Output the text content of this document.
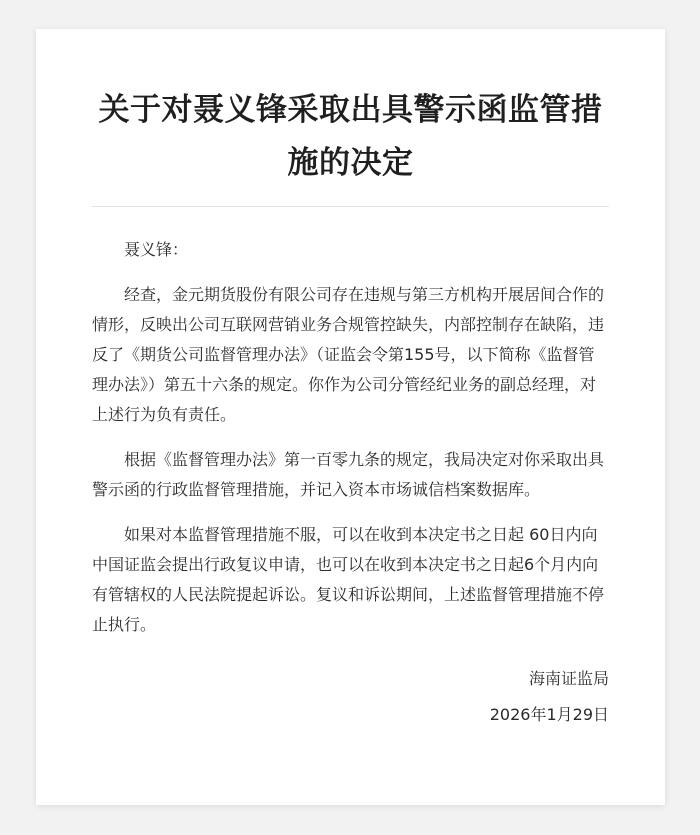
关于对聂义锋采取出具警示函监管措施的决定

聂义锋：

经查，金元期货股份有限公司存在违规与第三方机构开展居间合作的情形，反映出公司互联网营销业务合规管控缺失，内部控制存在缺陷，违反了《期货公司监督管理办法》（证监会令第155号，以下简称《监督管理办法》）第五十六条的规定。你作为公司分管经纪业务的副总经理，对上述行为负有责任。

根据《监督管理办法》第一百零九条的规定，我局决定对你采取出具警示函的行政监督管理措施，并记入资本市场诚信档案数据库。

如果对本监督管理措施不服，可以在收到本决定书之日起 60日内向中国证监会提出行政复议申请，也可以在收到本决定书之日起6个月内向有管辖权的人民法院提起诉讼。复议和诉讼期间，上述监督管理措施不停止执行。

海南证监局
2026年1月29日
